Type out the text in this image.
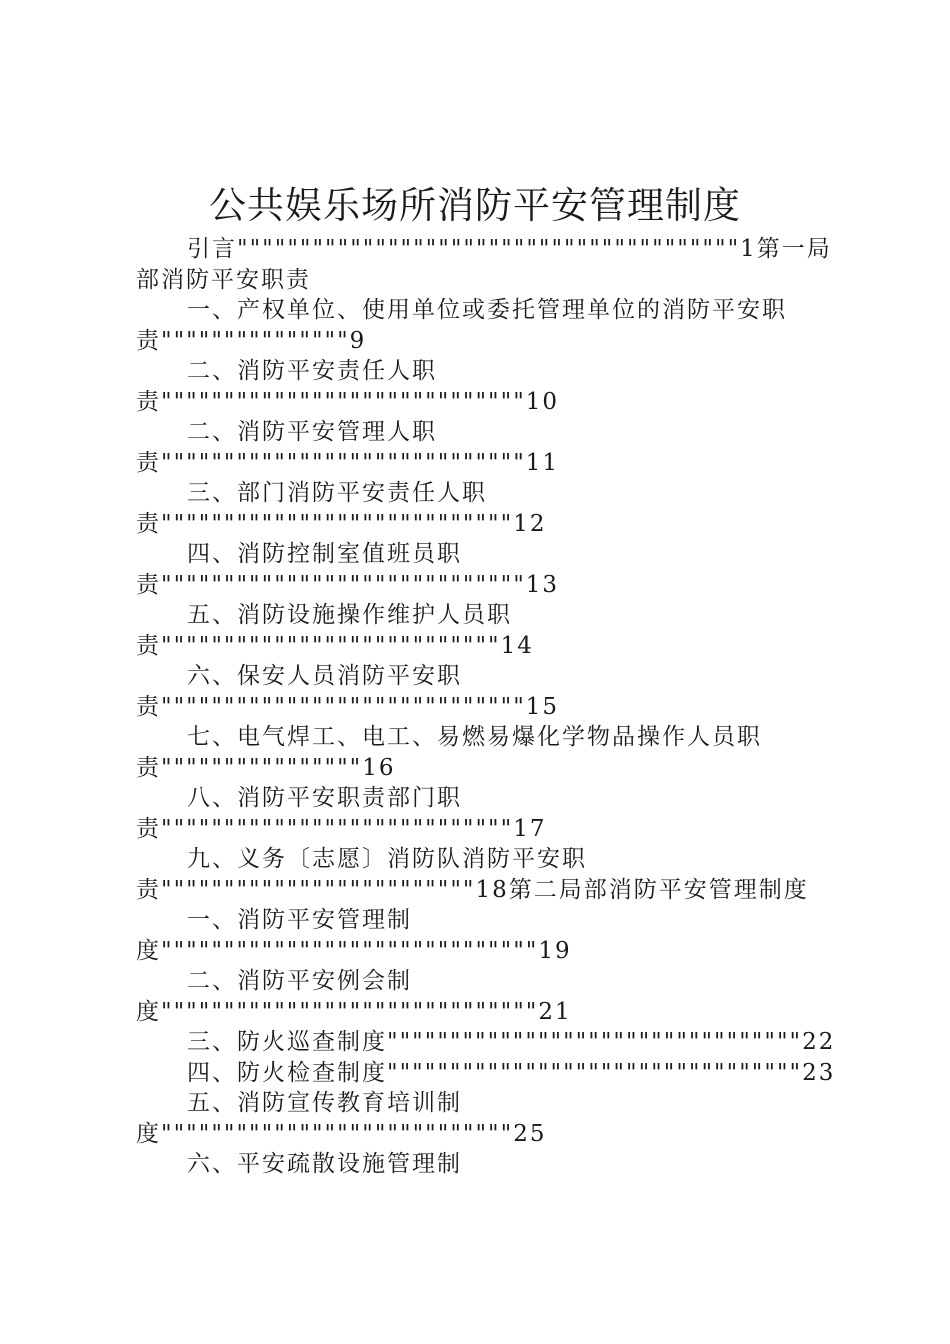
公共娱乐场所消防平安管理制度
引言""""""""""""""""""""""""""""""""""""""""1第一局
部消防平安职责
一、产权单位、使用单位或委托管理单位的消防平安职
责"""""""""""""""9
二、消防平安责任人职
责"""""""""""""""""""""""""""""10
二、消防平安管理人职
责"""""""""""""""""""""""""""""11
三、部门消防平安责任人职
责""""""""""""""""""""""""""""12
四、消防控制室值班员职
责"""""""""""""""""""""""""""""13
五、消防设施操作维护人员职
责"""""""""""""""""""""""""""14
六、保安人员消防平安职
责"""""""""""""""""""""""""""""15
七、电气焊工、电工、易燃易爆化学物品操作人员职
责""""""""""""""""16
八、消防平安职责部门职
责""""""""""""""""""""""""""""17
九、义务〔志愿〕消防队消防平安职
责"""""""""""""""""""""""""18第二局部消防平安管理制度
一、消防平安管理制
度""""""""""""""""""""""""""""""19
二、消防平安例会制
度""""""""""""""""""""""""""""""21
三、防火巡查制度"""""""""""""""""""""""""""""""""22
四、防火检查制度"""""""""""""""""""""""""""""""""23
五、消防宣传教育培训制
度""""""""""""""""""""""""""""25
六、平安疏散设施管理制
